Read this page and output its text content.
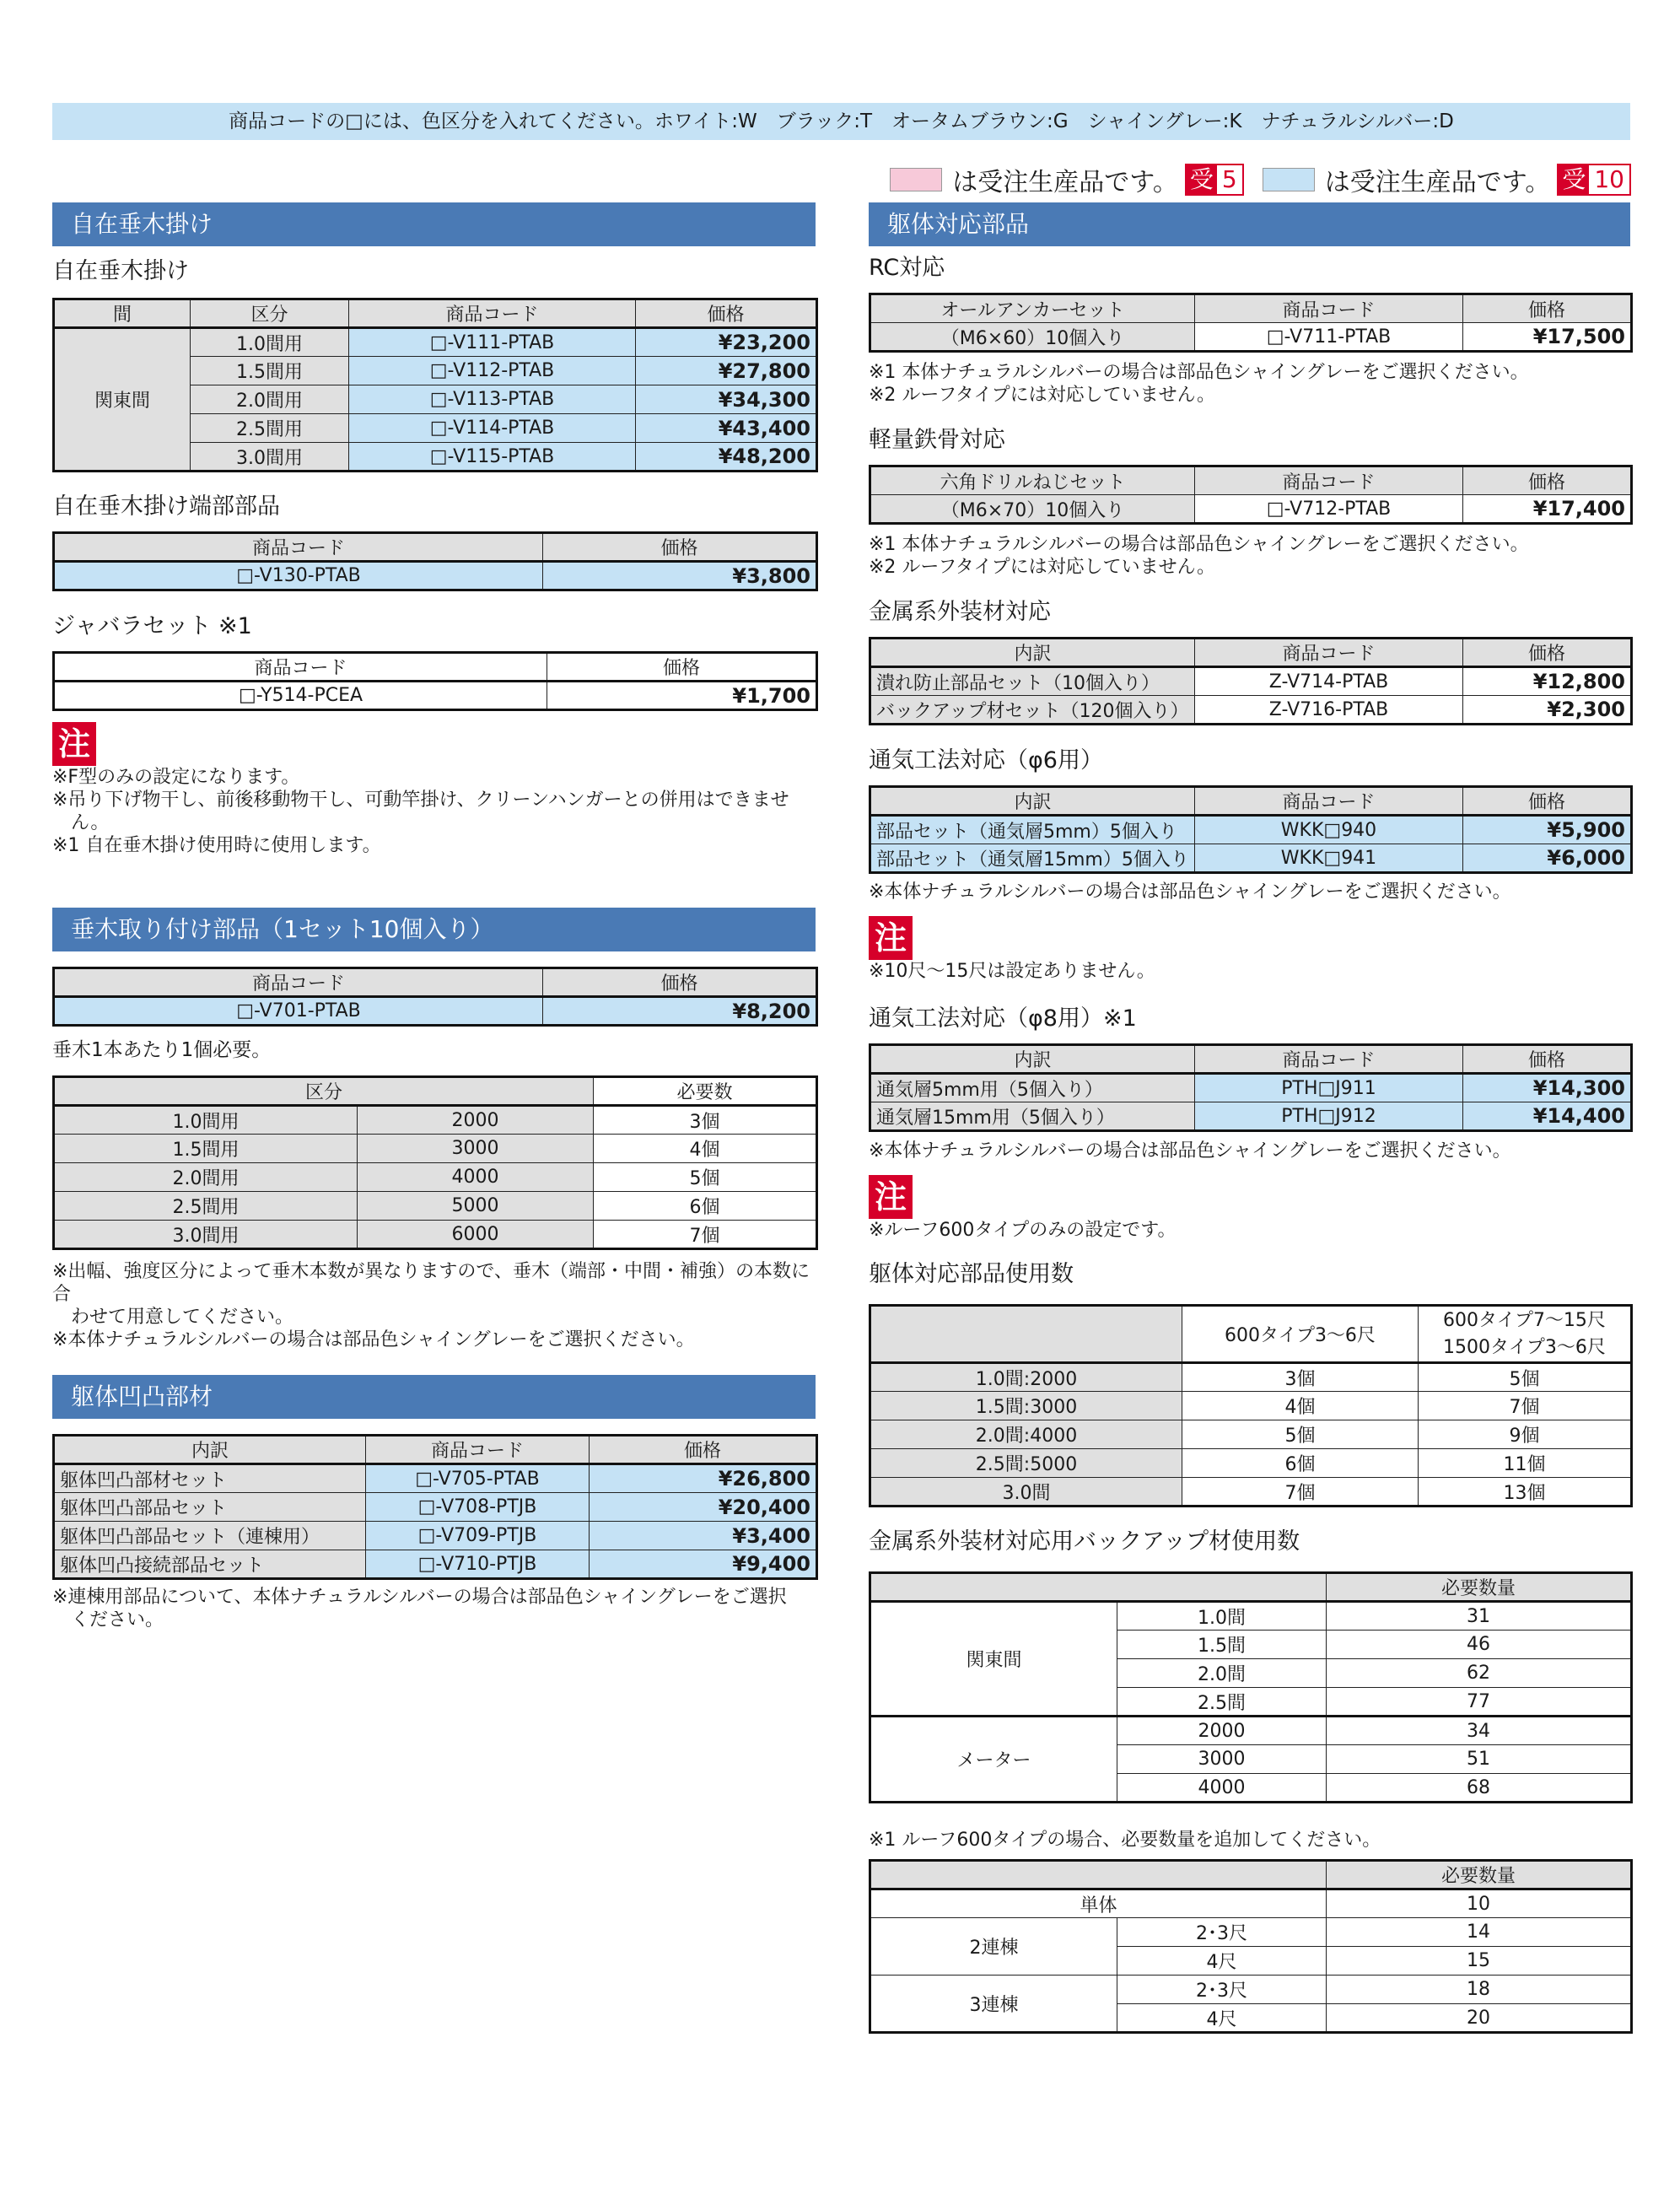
商品コードの□には、色区分を入れてください。ホワイト:W　ブラック:T　オータムブラウン:G　シャイングレー:K　ナチュラルシルバー:D
は受注生産品です。 受 5	は受注生産品です。 受 10
自在垂木掛け
自在垂木掛け
間	区分	商品コード	価格
関東間	1.0間用	□-V111-PTAB	¥23,200
	1.5間用	□-V112-PTAB	¥27,800
	2.0間用	□-V113-PTAB	¥34,300
	2.5間用	□-V114-PTAB	¥43,400
	3.0間用	□-V115-PTAB	¥48,200
自在垂木掛け端部部品
商品コード	価格
□-V130-PTAB	¥3,800
ジャバラセット ※1
商品コード	価格
□-Y514-PCEA	¥1,700
注
※F型のみの設定になります。
※吊り下げ物干し、前後移動物干し、可動竿掛け、クリーンハンガーとの併用はできませ
　ん。
※1 自在垂木掛け使用時に使用します。
垂木取り付け部品（1セット10個入り）
商品コード	価格
□-V701-PTAB	¥8,200
垂木1本あたり1個必要。
区分		必要数
1.0間用	2000	3個
1.5間用	3000	4個
2.0間用	4000	5個
2.5間用	5000	6個
3.0間用	6000	7個
※出幅、強度区分によって垂木本数が異なりますので、垂木（端部・中間・補強）の本数に合
　わせて用意してください。
※本体ナチュラルシルバーの場合は部品色シャイングレーをご選択ください。
躯体凹凸部材
内訳	商品コード	価格
躯体凹凸部材セット	□-V705-PTAB	¥26,800
躯体凹凸部品セット	□-V708-PTJB	¥20,400
躯体凹凸部品セット（連棟用）	□-V709-PTJB	¥3,400
躯体凹凸接続部品セット	□-V710-PTJB	¥9,400
※連棟用部品について、本体ナチュラルシルバーの場合は部品色シャイングレーをご選択
　ください。
躯体対応部品
RC対応
オールアンカーセット	商品コード	価格
（M6×60）10個入り	□-V711-PTAB	¥17,500
※1 本体ナチュラルシルバーの場合は部品色シャイングレーをご選択ください。
※2 ルーフタイプには対応していません。
軽量鉄骨対応
六角ドリルねじセット	商品コード	価格
（M6×70）10個入り	□-V712-PTAB	¥17,400
※1 本体ナチュラルシルバーの場合は部品色シャイングレーをご選択ください。
※2 ルーフタイプには対応していません。
金属系外装材対応
内訳	商品コード	価格
潰れ防止部品セット（10個入り）	Z-V714-PTAB	¥12,800
バックアップ材セット（120個入り）	Z-V716-PTAB	¥2,300
通気工法対応（φ6用）
内訳	商品コード	価格
部品セット（通気層5mm）5個入り	WKK□940	¥5,900
部品セット（通気層15mm）5個入り	WKK□941	¥6,000
※本体ナチュラルシルバーの場合は部品色シャイングレーをご選択ください。
注
※10尺～15尺は設定ありません。
通気工法対応（φ8用）※1
内訳	商品コード	価格
通気層5mm用（5個入り）	PTH□J911	¥14,300
通気層15mm用（5個入り）	PTH□J912	¥14,400
※本体ナチュラルシルバーの場合は部品色シャイングレーをご選択ください。
注
※ルーフ600タイプのみの設定です。
躯体対応部品使用数
	600タイプ3～6尺	600タイプ7～15尺
1500タイプ3～6尺
1.0間:2000	3個	5個
1.5間:3000	4個	7個
2.0間:4000	5個	9個
2.5間:5000	6個	11個
3.0間	7個	13個
金属系外装材対応用バックアップ材使用数
		必要数量
関東間	1.0間	31
	1.5間	46
	2.0間	62
	2.5間	77
メーター	2000	34
	3000	51
	4000	68
※1 ルーフ600タイプの場合、必要数量を追加してください。
		必要数量
単体		10
2連棟	2･3尺	14
	4尺	15
3連棟	2･3尺	18
	4尺	20
